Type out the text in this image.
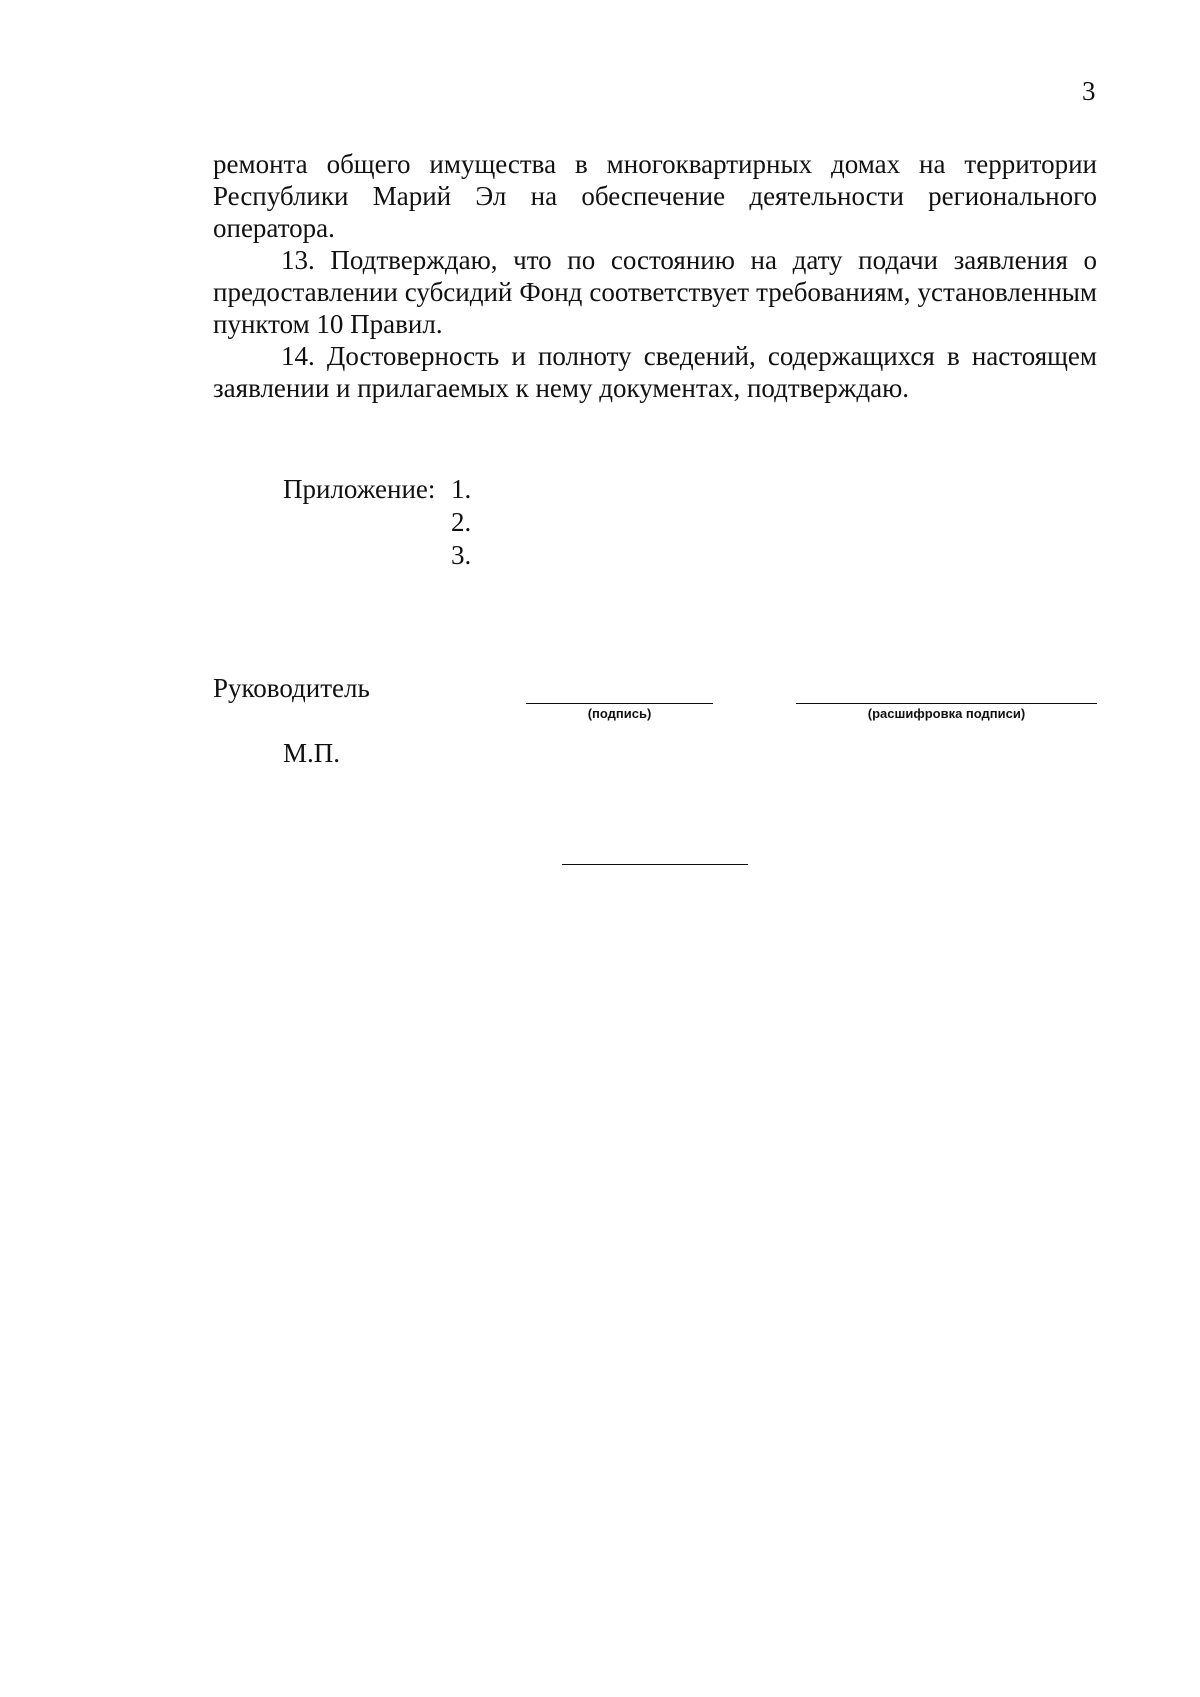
3

ремонта общего имущества в многоквартирных домах на территории Республики Марий Эл на обеспечение деятельности регионального оператора.

13. Подтверждаю, что по состоянию на дату подачи заявления о предоставлении субсидий Фонд соответствует требованиям, установленным пунктом 10 Правил.

14. Достоверность и полноту сведений, содержащихся в настоящем заявлении и прилагаемых к нему документах, подтверждаю.

Приложение: 1.
2.
3.
Руководитель
(подпись)	(расшифровка подписи)
М.П.
